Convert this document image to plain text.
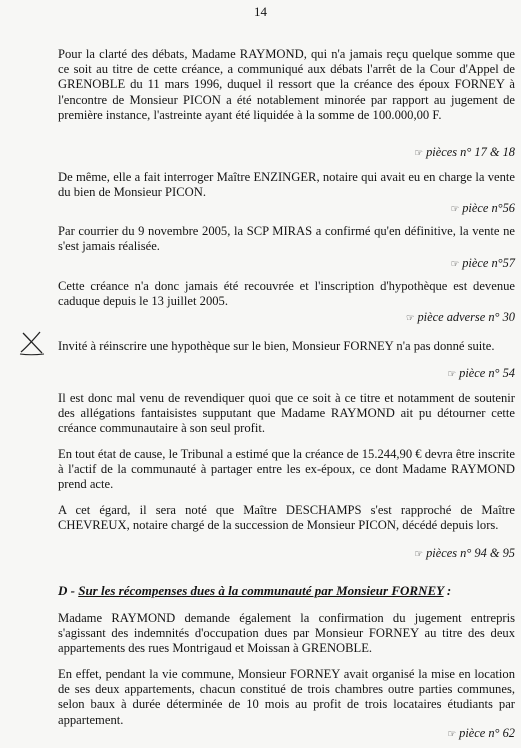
14

Pour la clarté des débats, Madame RAYMOND, qui n'a jamais reçu quelque somme que ce soit au titre de cette créance, a communiqué aux débats l'arrêt de la Cour d'Appel de GRENOBLE du 11 mars 1996, duquel il ressort que la créance des époux FORNEY à l'encontre de Monsieur PICON a été notablement minorée par rapport au jugement de première instance, l'astreinte ayant été liquidée à la somme de 100.000,00 F.

☞ pièces n° 17 & 18

De même, elle a fait interroger Maître ENZINGER, notaire qui avait eu en charge la vente du bien de Monsieur PICON.

☞ pièce n°56

Par courrier du 9 novembre 2005, la SCP MIRAS a confirmé qu'en définitive, la vente ne s'est jamais réalisée.

☞ pièce n°57

Cette créance n'a donc jamais été recouvrée et l'inscription d'hypothèque est devenue caduque depuis le 13 juillet 2005.

☞ pièce adverse n° 30

Invité à réinscrire une hypothèque sur le bien, Monsieur FORNEY n'a pas donné suite.

☞ pièce n° 54

Il est donc mal venu de revendiquer quoi que ce soit à ce titre et notamment de soutenir des allégations fantaisistes supputant que Madame RAYMOND ait pu détourner cette créance communautaire à son seul profit.

En tout état de cause, le Tribunal a estimé que la créance de 15.244,90 € devra être inscrite à l'actif de la communauté à partager entre les ex-époux, ce dont Madame RAYMOND prend acte.

A cet égard, il sera noté que Maître DESCHAMPS s'est rapproché de Maître CHEVREUX, notaire chargé de la succession de Monsieur PICON, décédé depuis lors.

☞ pièces n° 94 & 95
D - Sur les récompenses dues à la communauté par Monsieur FORNEY :

Madame RAYMOND demande également la confirmation du jugement entrepris s'agissant des indemnités d'occupation dues par Monsieur FORNEY au titre des deux appartements des rues Montrigaud et Moissan à GRENOBLE.

En effet, pendant la vie commune, Monsieur FORNEY avait organisé la mise en location de ses deux appartements, chacun constitué de trois chambres outre parties communes, selon baux à durée déterminée de 10 mois au profit de trois locataires étudiants par appartement.

☞ pièce n° 62
